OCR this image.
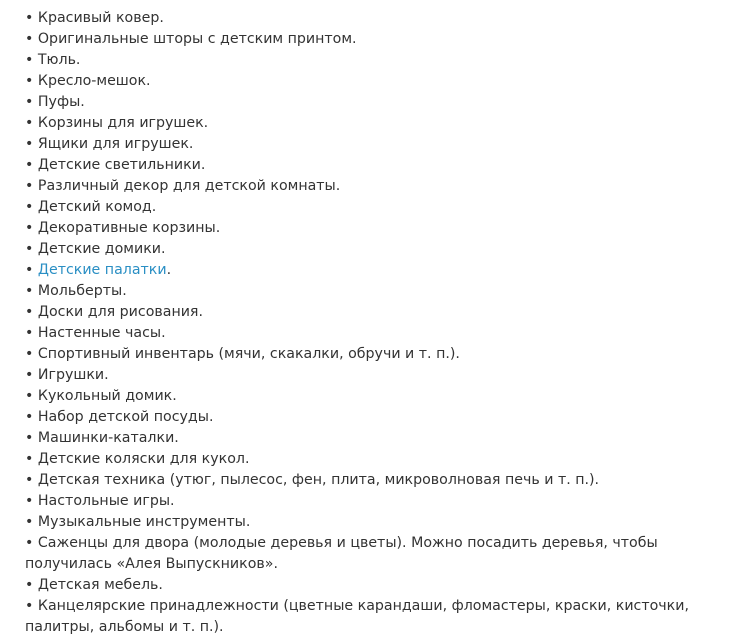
• Красивый ковер.
• Оригинальные шторы с детским принтом.
• Тюль.
• Кресло-мешок.
• Пуфы.
• Корзины для игрушек.
• Ящики для игрушек.
• Детские светильники.
• Различный декор для детской комнаты.
• Детский комод.
• Декоративные корзины.
• Детские домики.
• Детские палатки.
• Мольберты.
• Доски для рисования.
• Настенные часы.
• Спортивный инвентарь (мячи, скакалки, обручи и т. п.).
• Игрушки.
• Кукольный домик.
• Набор детской посуды.
• Машинки-каталки.
• Детские коляски для кукол.
• Детская техника (утюг, пылесос, фен, плита, микроволновая печь и т. п.).
• Настольные игры.
• Музыкальные инструменты.
• Саженцы для двора (молодые деревья и цветы). Можно посадить деревья, чтобы получилась «Алея Выпускников».
• Детская мебель.
• Канцелярские принадлежности (цветные карандаши, фломастеры, краски, кисточки, палитры, альбомы и т. п.).
